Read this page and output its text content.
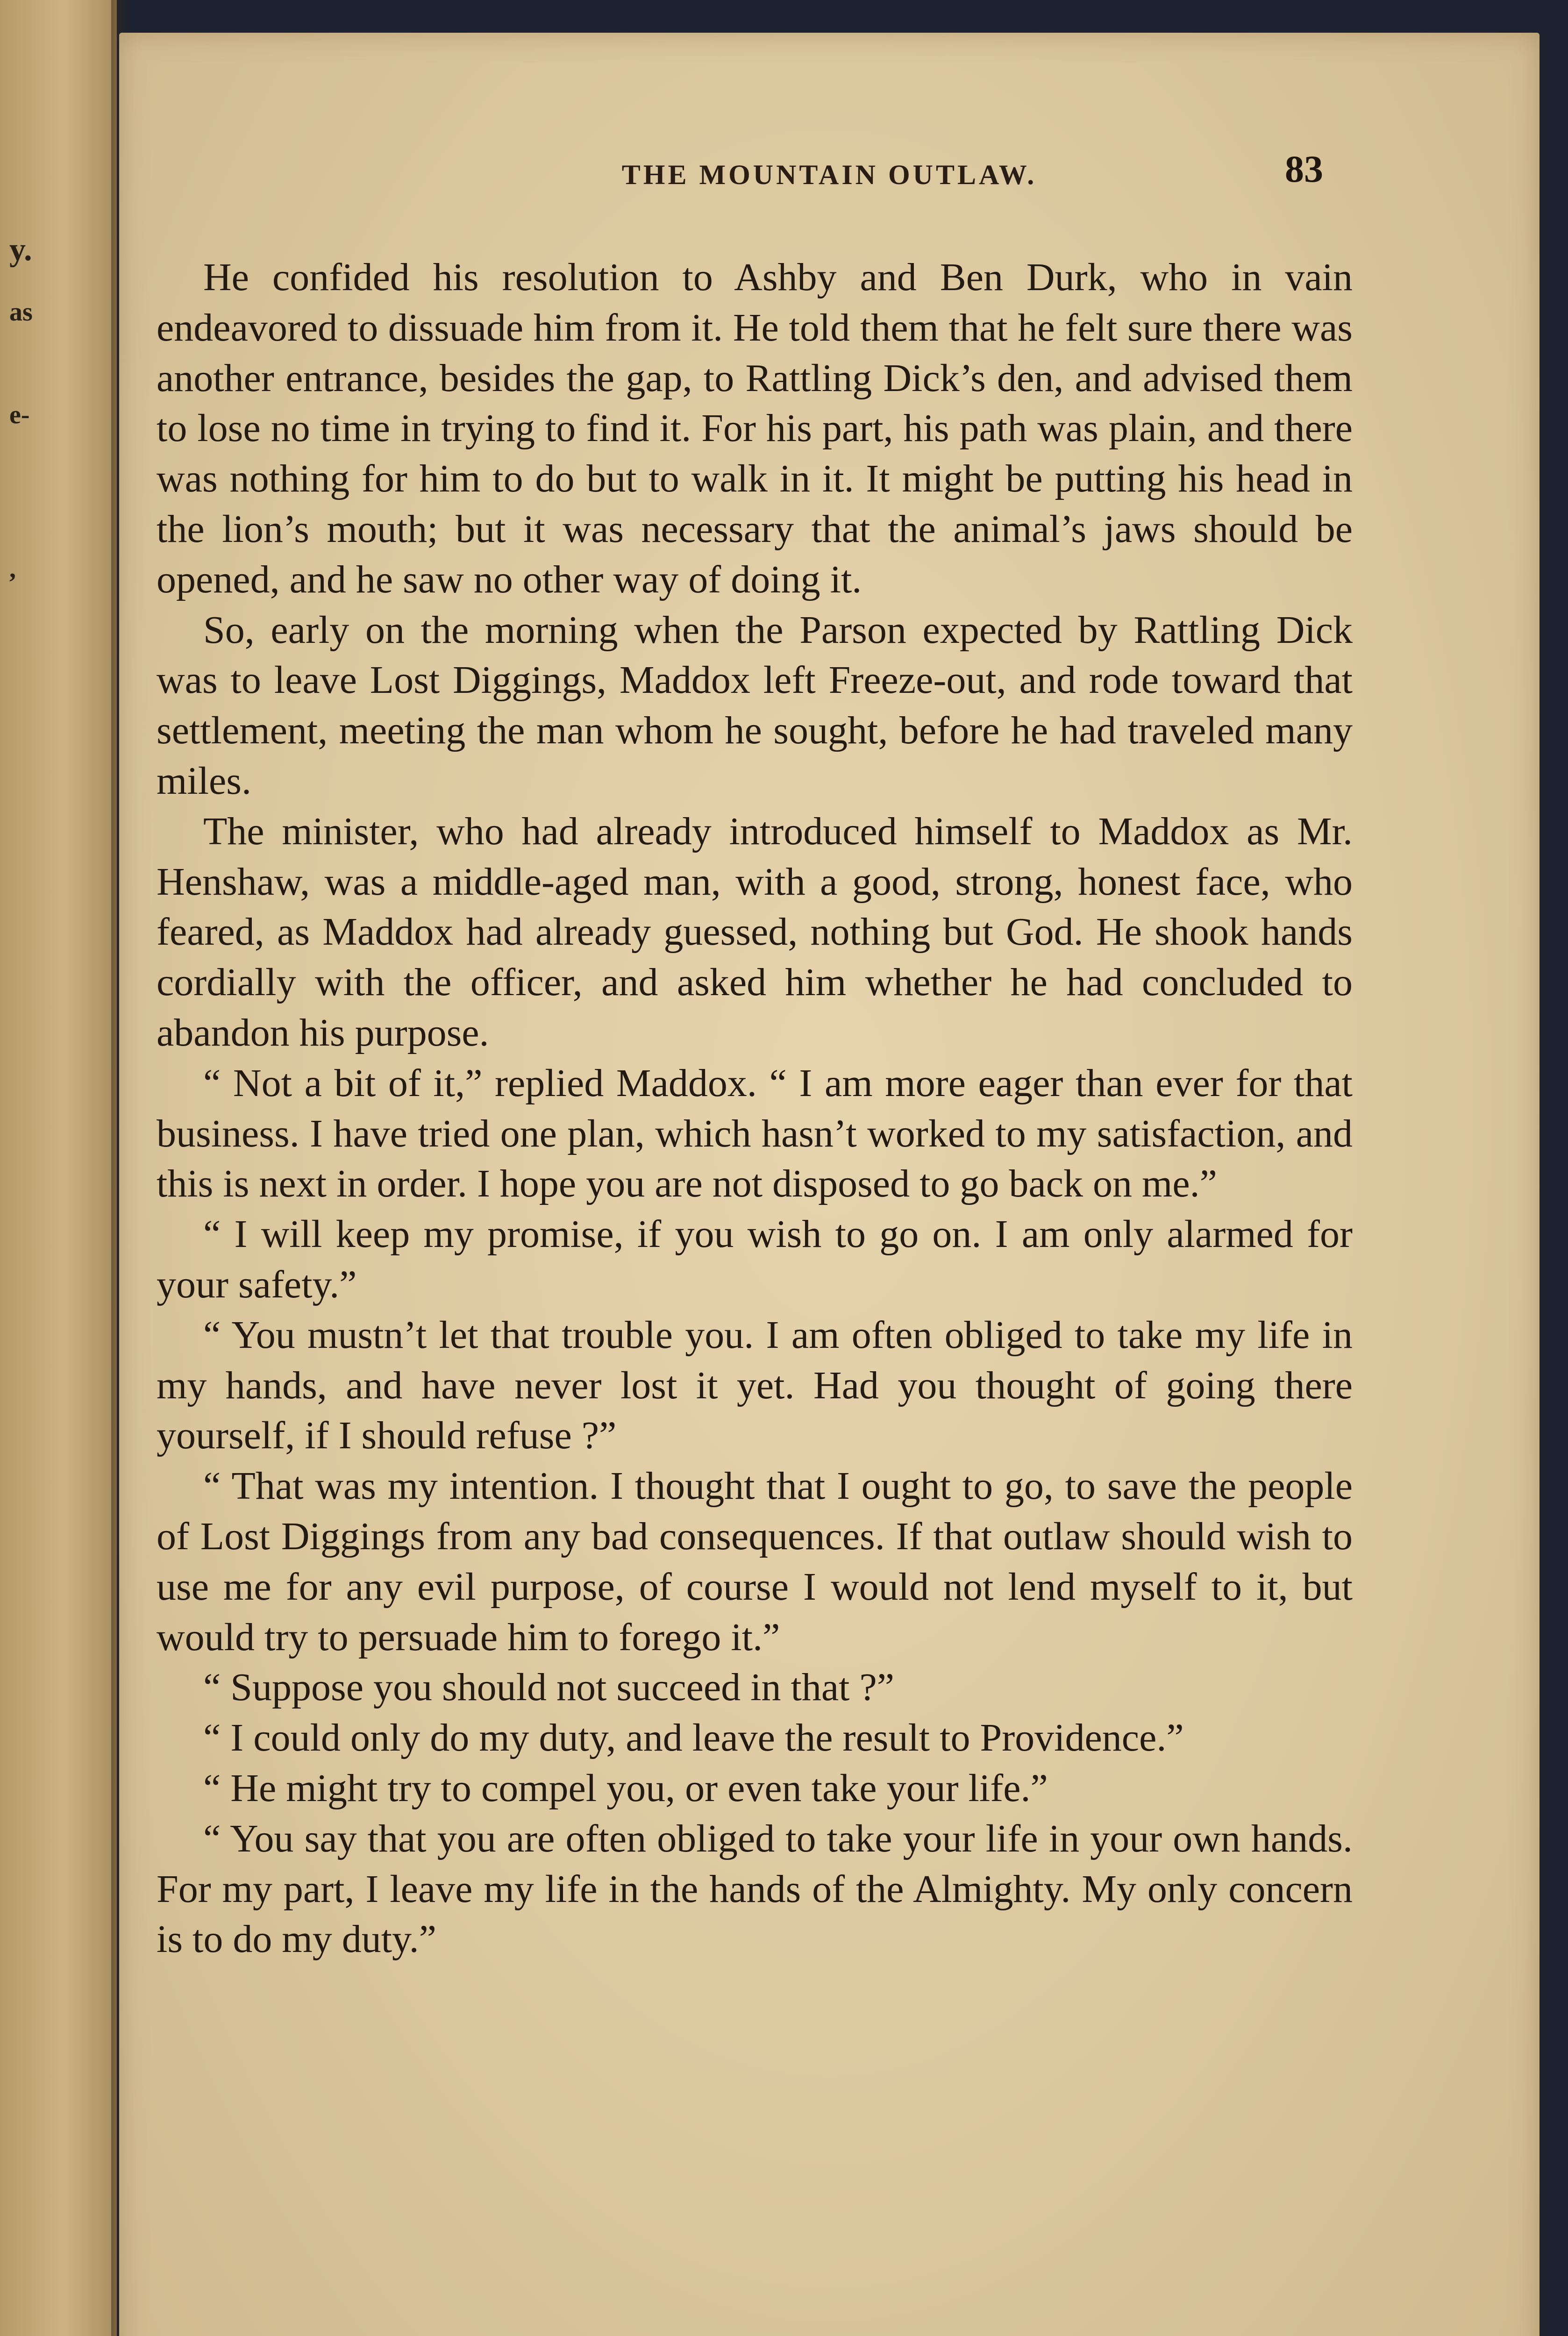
y.
as
e-
,
THE MOUNTAIN OUTLAW.	83

He confided his resolution to Ashby and Ben Durk, who in vain endeavored to dissuade him from it. He told them that he felt sure there was another entrance, besides the gap, to Rattling Dick’s den, and advised them to lose no time in trying to find it. For his part, his path was plain, and there was nothing for him to do but to walk in it. It might be putting his head in the lion’s mouth; but it was necessary that the animal’s jaws should be opened, and he saw no other way of doing it.

So, early on the morning when the Parson expected by Rattling Dick was to leave Lost Diggings, Maddox left Freeze-out, and rode toward that settlement, meeting the man whom he sought, before he had traveled many miles.

The minister, who had already introduced himself to Maddox as Mr. Henshaw, was a middle-aged man, with a good, strong, honest face, who feared, as Maddox had already guessed, nothing but God. He shook hands cordially with the officer, and asked him whether he had concluded to abandon his purpose.

“ Not a bit of it,” replied Maddox. “ I am more eager than ever for that business. I have tried one plan, which hasn’t worked to my satisfaction, and this is next in order. I hope you are not disposed to go back on me.”

“ I will keep my promise, if you wish to go on. I am only alarmed for your safety.”

“ You mustn’t let that trouble you. I am often obliged to take my life in my hands, and have never lost it yet. Had you thought of going there yourself, if I should refuse ?”

“ That was my intention. I thought that I ought to go, to save the people of Lost Diggings from any bad consequences. If that outlaw should wish to use me for any evil purpose, of course I would not lend myself to it, but would try to persuade him to forego it.”

“ Suppose you should not succeed in that ?”

“ I could only do my duty, and leave the result to Providence.”

“ He might try to compel you, or even take your life.”

“ You say that you are often obliged to take your life in your own hands. For my part, I leave my life in the hands of the Almighty. My only concern is to do my duty.”
